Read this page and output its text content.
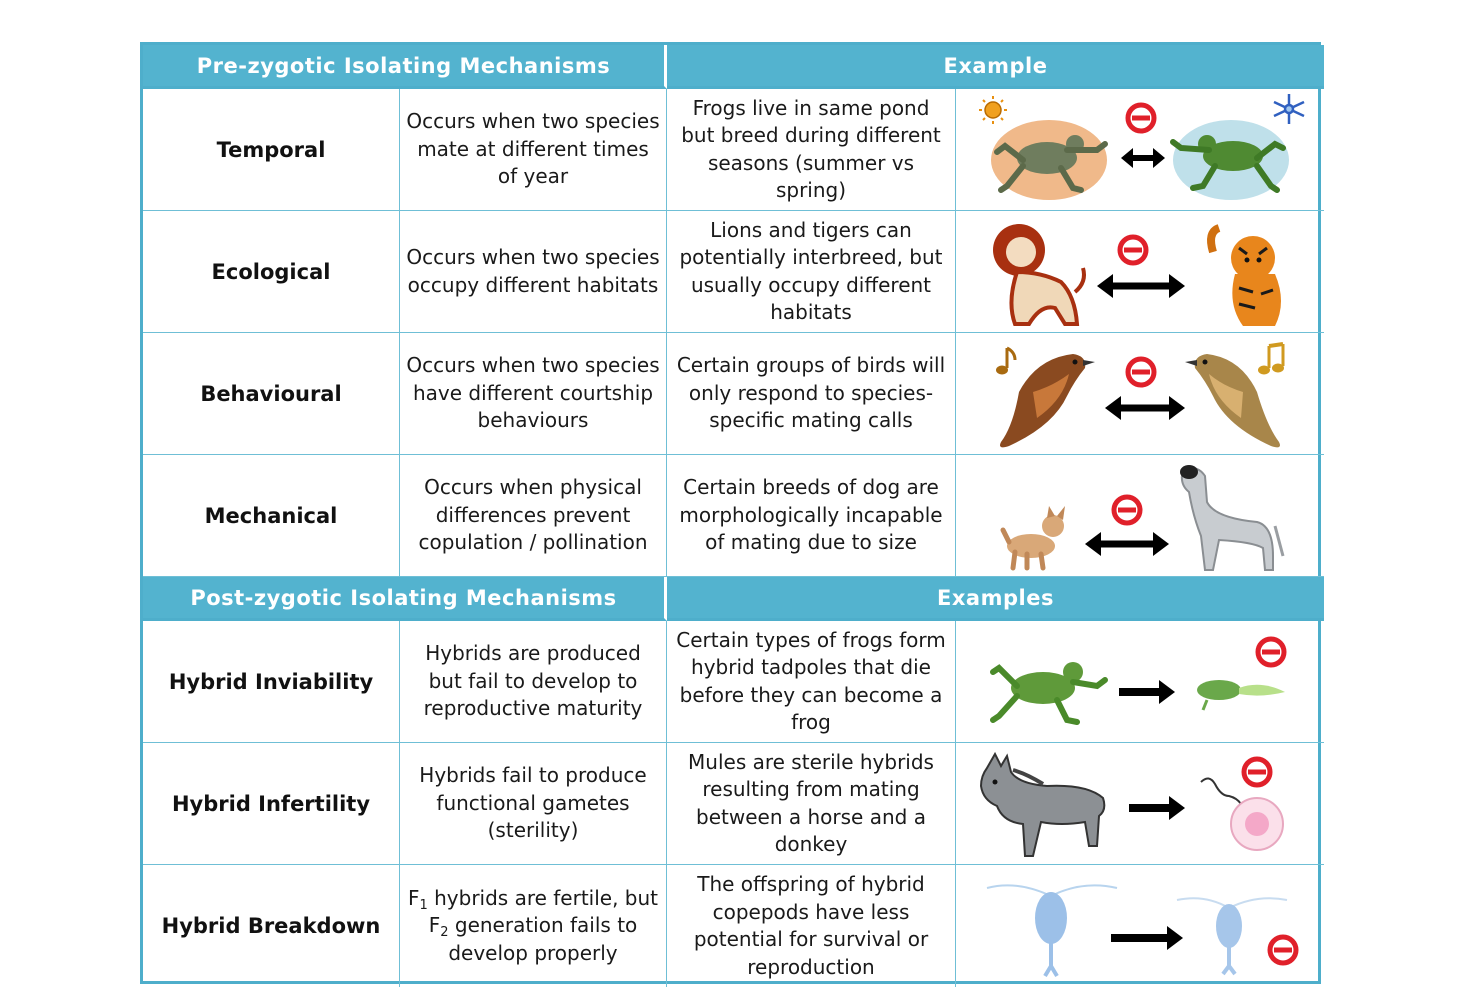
Pre-zygotic Isolating Mechanisms	Example
Temporal
Occurs when two species mate at different times of year
Frogs live in same pond but breed during different seasons (summer vs spring)
Ecological
Occurs when two species occupy different habitats
Lions and tigers can potentially interbreed, but usually occupy different habitats
Behavioural
Occurs when two species have different courtship behaviours
Certain groups of birds will only respond to species-specific mating calls
Mechanical
Occurs when physical differences prevent copulation / pollination
Certain breeds of dog are morphologically incapable of mating due to size
Post-zygotic Isolating Mechanisms	Examples
Hybrid Inviability
Hybrids are produced but fail to develop to reproductive maturity
Certain types of frogs form hybrid tadpoles that die before they can become a frog
Hybrid Infertility
Hybrids fail to produce functional gametes (sterility)
Mules are sterile hybrids resulting from mating between a horse and a donkey
Hybrid Breakdown
$F_1$ hybrids are fertile, but $F_2$ generation fails to develop properly
The offspring of hybrid copepods have less potential for survival or reproduction
